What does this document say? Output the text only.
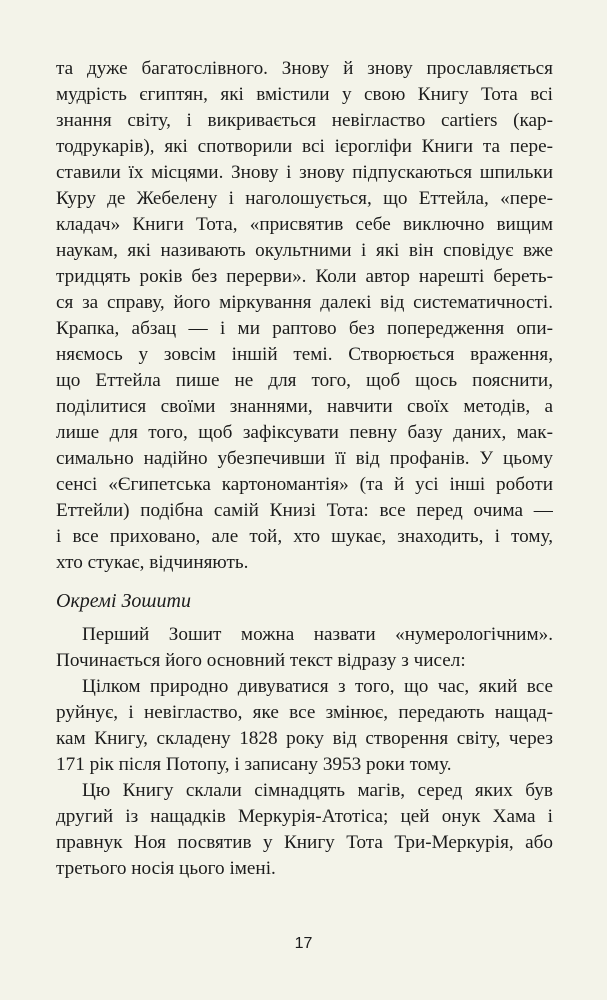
та дуже багатослівного. Знову й знову прославляється
мудрість єгиптян, які вмістили у свою Книгу Тота всі
знання світу, і викривається невігластво cartiers (кар-
тодрукарів), які спотворили всі ієрогліфи Книги та пере-
ставили їх місцями. Знову і знову підпускаються шпильки
Куру де Жебелену і наголошується, що Еттейла, «пере-
кладач» Книги Тота, «присвятив себе виключно вищим
наукам, які називають окультними і які він сповідує вже
тридцять років без перерви». Коли автор нарешті береть-
ся за справу, його міркування далекі від систематичності.
Крапка, абзац — і ми раптово без попередження опи-
няємось у зовсім іншій темі. Створюється враження,
що Еттейла пише не для того, щоб щось пояснити,
поділитися своїми знаннями, навчити своїх методів, а
лише для того, щоб зафіксувати певну базу даних, мак-
симально надійно убезпечивши її від профанів. У цьому
сенсі «Єгипетська картономантія» (та й усі інші роботи
Еттейли) подібна самій Книзі Тота: все перед очима —
і все приховано, але той, хто шукає, знаходить, і тому,
хто стукає, відчиняють.
Окремі Зошити
Перший Зошит можна назвати «нумерологічним».
Починається його основний текст відразу з чисел:
Цілком природно дивуватися з того, що час, який все
руйнує, і невігластво, яке все змінює, передають нащад-
кам Книгу, складену 1828 року від створення світу, через
171 рік після Потопу, і записану 3953 роки тому.
Цю Книгу склали сімнадцять магів, серед яких був
другий із нащадків Меркурія-Атотіса; цей онук Хама і
правнук Ноя посвятив у Книгу Тота Три-Меркурія, або
третього носія цього імені.
17
